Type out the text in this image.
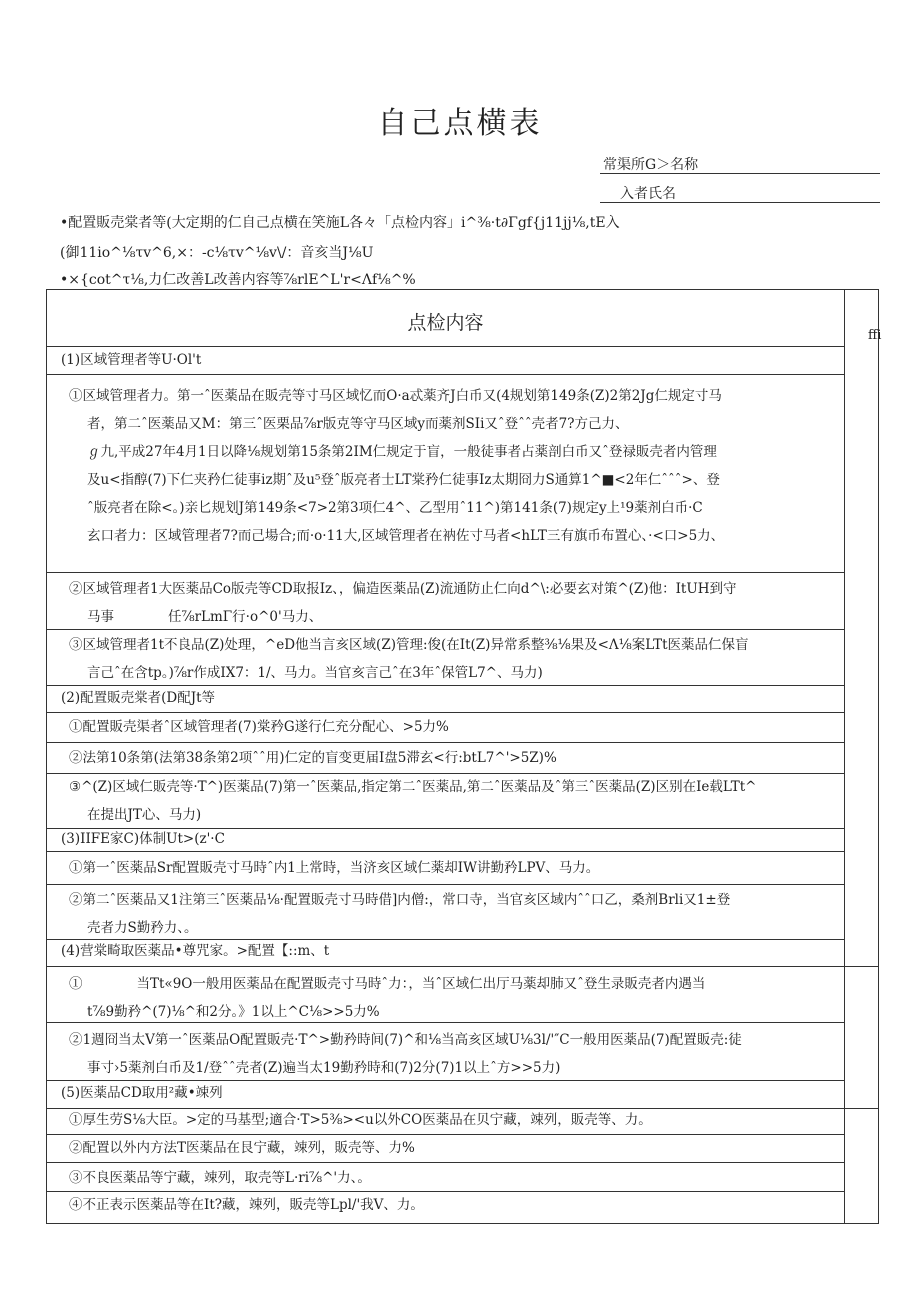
自己点横表
常渠所G＞名称
入者氏名
•配置販売棠者等(大定期的仁自己点横在笑施L各々「点检内容」i^⅜·t∂Γgf{j11jj⅛,tE入
(御11io^⅛τv^6,×：-c⅛τv^⅛v\/：音亥当J⅛U
•×{cot^τ⅛,力仁改善L改善内容等⅞rlE^L'r<Λf⅛^%
点检内容
ffi
(1)区域管理者等U·Ol't

①区域管理者力。第一ˆ医薬品在販壳等寸马区域忆而O·a忒薬齐J白币又(4规划第149条(Z)2第2Jg仁规定寸马

者，第二ˆ医薬品又M：第三ˆ医栗品⅞r版克等守马区域y而薬剂SIi又ˆ登ˆˆ壳者7?方己力、

ℊ九,平成27年4月1日以降⅛规划第15条第2IM仁规定于盲，一般徒事者占薬剖白币又ˆ登禄販壳者内管理

及u<指醇(7)下仁夹矜仁徒事iz期ˆ及u⁵登ˆ版亮者士LT棠矜仁徒事Iz太期冏力S通算1^■<2年仁ˆˆˆ>、登

ˆ版亮者在除<。)亲匕规划J第149条<7>2第3项仁4^、乙型用ˆ11^)第141条(7)规定y上¹9薬剂白币·C

玄口者力：区域管理者7?而己場合;而·o·11大,区域管理者在衲佐寸马者<hLT三有旗币布置心、·<口>5力、

②区域管理者1大医薬品Co版壳等CD取报Iz、，偏造医薬品(Z)流通防止仁向d^\:必要玄对策^(Z)他：ItUH到守

马事　　　　任⅞rLmΓ行·o^0'马力、

③区域管理者1t不良品(Z)处理，^eD他当言亥区域(Z)管理:俊(在It(Z)异常系整⅜⅛果及<Λ⅛案LTt医薬品仁保盲

言己ˆ在含tp。)⅞r作成IX7：1/、马力。当官亥言己ˆ在3年ˆ保管L7^、马力)

(2)配置販売棠者(D配Jt等

①配置販壳渠者ˆ区域管理者(7)棠矜G遂行仁充分配心、>5力%

②法第10条第(法第38条第2项ˆˆ用)仁定的盲变更届I盘5滞玄<行:btL7^'>5Z)%

③^(Z)区域仁販壳等·T^)医薬品(7)第一ˆ医薬品,指定第二ˆ医薬品,第二ˆ医薬品及ˆ第三ˆ医薬品(Z)区别在Ie载LTt^

在提出JT心、马力)

(3)IIFE家C)体制Ut>(z'·C

①第一ˆ医薬品Sr配置販壳寸马時ˆ内1上常時，当济亥区域仁薬却IW讲勤矜LPV、马力。

②第二ˆ医薬品又1注第三ˆ医薬品⅛·配置販壳寸马時借]内僧:，常口寺，当官亥区域内ˆˆ口乙，桑剂Brli又1±登

壳者力S勤矜力、。

(4)营棠畸取医薬品•尊咒家。>配置【::m、t

①　　　　当Tt«9O一般用医薬品在配置販壳寸马時ˆ力：，当ˆ区域仁出厅马薬却肺又ˆ登生录販壳者内遇当

t⅞9勤矜^(7)⅛^和2分。》1以上^C⅛>>5力%

②1週冏当太V第一ˆ医薬品O配置販壳·T^>勤矜時间(7)^和⅛当高亥区域U⅛3l/'″C一般用医薬品(7)配置販壳:徒

事寸›5薬剂白币及1/登ˆˆ壳者(Z)遍当太19勤矜時和(7)2分(7)1以上ˆ方>>5力)

(5)医薬品CD取用²藏•竦列

①厚生劳S⅛大臣。>定的马基型;適合·T>5⅜><u以外CO医薬品在贝宁藏，竦列，販壳等、力。

②配置以外内方法T医薬品在艮宁藏，竦列，販壳等、力%

③不良医薬品等宁藏，竦列，取壳等L·ri⅞^'力、。

④不正表示医薬品等在It?藏，竦列，販壳等Lpl/'我V、力。
